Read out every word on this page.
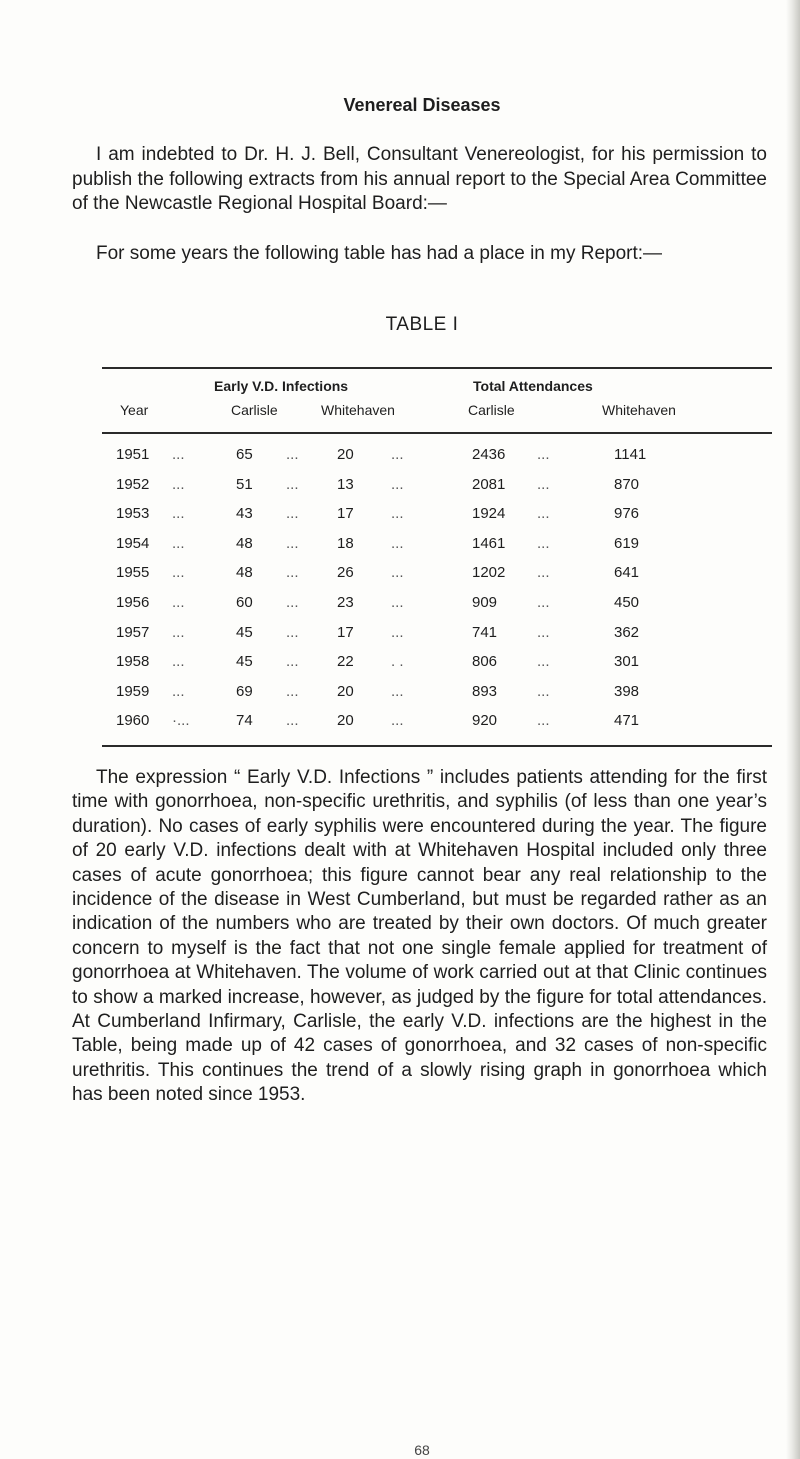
Venereal Diseases

I am indebted to Dr. H. J. Bell, Consultant Venereologist, for his permission to publish the following extracts from his annual report to the Special Area Committee of the Newcastle Regional Hospital Board:—

For some years the following table has had a place in my Report:—

TABLE I

Early V.D. Infections	Total Attendances
Year	Carlisle	Whitehaven	Carlisle	Whitehaven
1951 ...	65 ...	20 ...	2436 ...	1141
1952 ...	51 ...	13 ...	2081 ...	870
1953 ...	43 ...	17 ...	1924 ...	976
1954 ...	48 ...	18 ...	1461 ...	619
1955 ...	48 ...	26 ...	1202 ...	641
1956 ...	60 ...	23 ...	909	...	450
1957 ...	45 ...	17 ...	741	...	362
1958 ...	45 ...	22 . .	806	...	301
1959 ...	69 ...	20 ...	893	...	398
1960 ·...	74 ...	20 ...	920	...	471

The expression “ Early V.D. Infections ” includes patients attending for the first time with gonorrhoea, non-specific urethritis, and syphilis (of less than one year’s duration). No cases of early syphilis were encountered during the year. The figure of 20 early V.D. infections dealt with at Whitehaven Hospital included only three cases of acute gonorrhoea; this figure cannot bear any real relationship to the incidence of the disease in West Cumberland, but must be regarded rather as an indication of the numbers who are treated by their own doctors. Of much greater concern to myself is the fact that not one single female applied for treatment of gonorrhoea at Whitehaven. The volume of work carried out at that Clinic continues to show a marked increase, however, as judged by the figure for total attendances. At Cumberland Infirmary, Carlisle, the early V.D. infections are the highest in the Table, being made up of 42 cases of gonorrhoea, and 32 cases of non-specific urethritis. This continues the trend of a slowly rising graph in gonorrhoea which has been noted since 1953.

68
